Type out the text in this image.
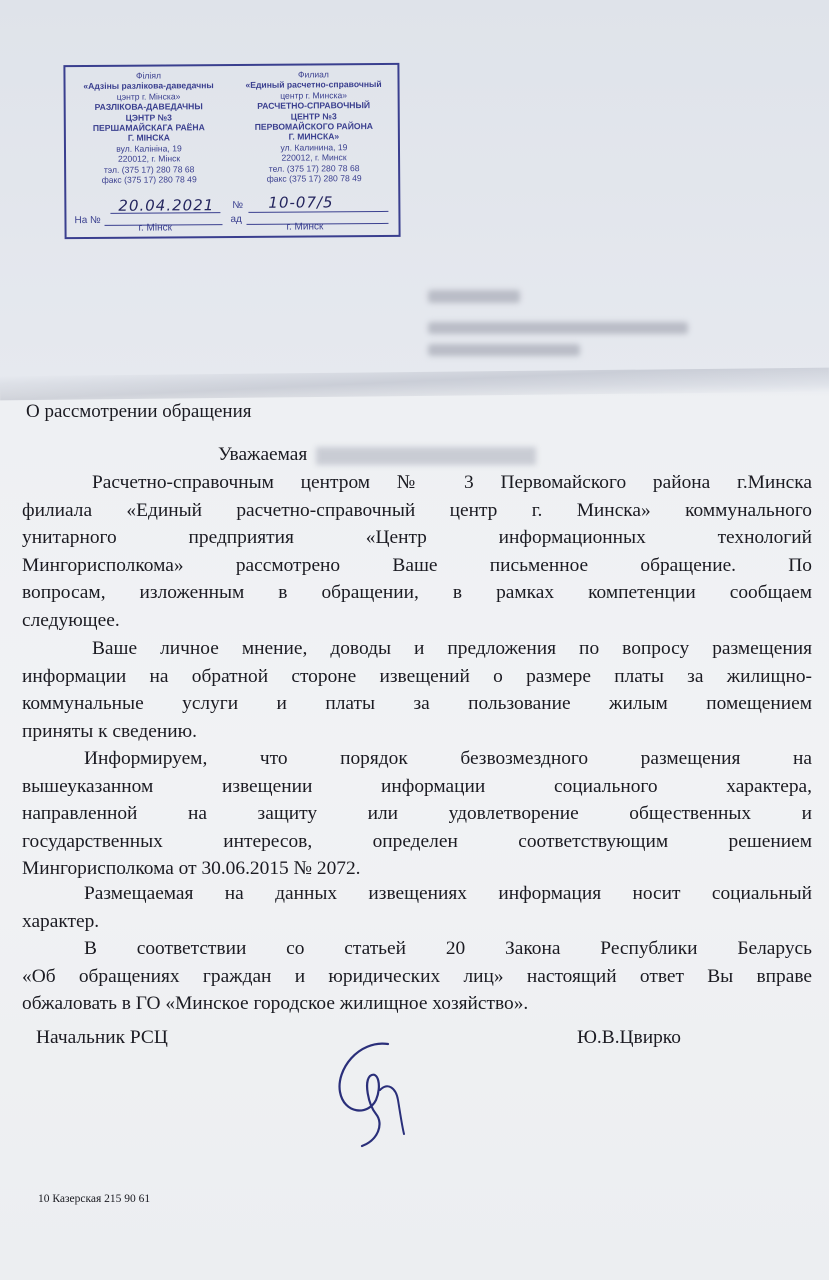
Філіял
«Адзіны разліковa-даведачны
цэнтр г. Мінска»
РАЗЛІКОВА-ДАВЕДАЧНЫ
ЦЭНТР №3
ПЕРШАМАЙСКАГА РАЁНА
Г. МІНСКА
вул. Калініна, 19
220012, г. Мінск
тэл. (375 17) 280 78 68
факс (375 17) 280 78 49
Филиал
«Единый расчетно-справочный
центр г. Минска»
РАСЧЕТНО-СПРАВОЧНЫЙ
ЦЕНТР №3
ПЕРВОМАЙСКОГО РАЙОНА
Г. МИНСКА»
ул. Калинина, 19
220012, г. Минск
тел. (375 17) 280 78 68
факс (375 17) 280 78 49
20.04.2021 № 10-07/5
На №	ад
г. Мінск	г. Минск
О рассмотрении обращения
Уважаемая
Расчетно-справочным центром № 3 Первомайского района г.Минска
филиала «Единый расчетно-справочный центр г. Минска» коммунального
унитарного предприятия «Центр информационных технологий
Мингорисполкома» рассмотрено Ваше письменное обращение. По
вопросам, изложенным в обращении, в рамках компетенции сообщаем
следующее.
Ваше личное мнение, доводы и предложения по вопросу размещения
информации на обратной стороне извещений о размере платы за жилищно-
коммунальные услуги и платы за пользование жилым помещением
приняты к сведению.
Информируем, что порядок безвозмездного размещения на
вышеуказанном извещении информации социального характера,
направленной на защиту или удовлетворение общественных и
государственных интересов, определен соответствующим решением
Мингорисполкома от 30.06.2015 № 2072.
Размещаемая на данных извещениях информация носит социальный
характер.
В соответствии со статьей 20 Закона Республики Беларусь
«Об обращениях граждан и юридических лиц» настоящий ответ Вы вправе
обжаловать в ГО «Минское городское жилищное хозяйство».
Начальник РСЦ	Ю.В.Цвирко
10 Казерская 215 90 61
